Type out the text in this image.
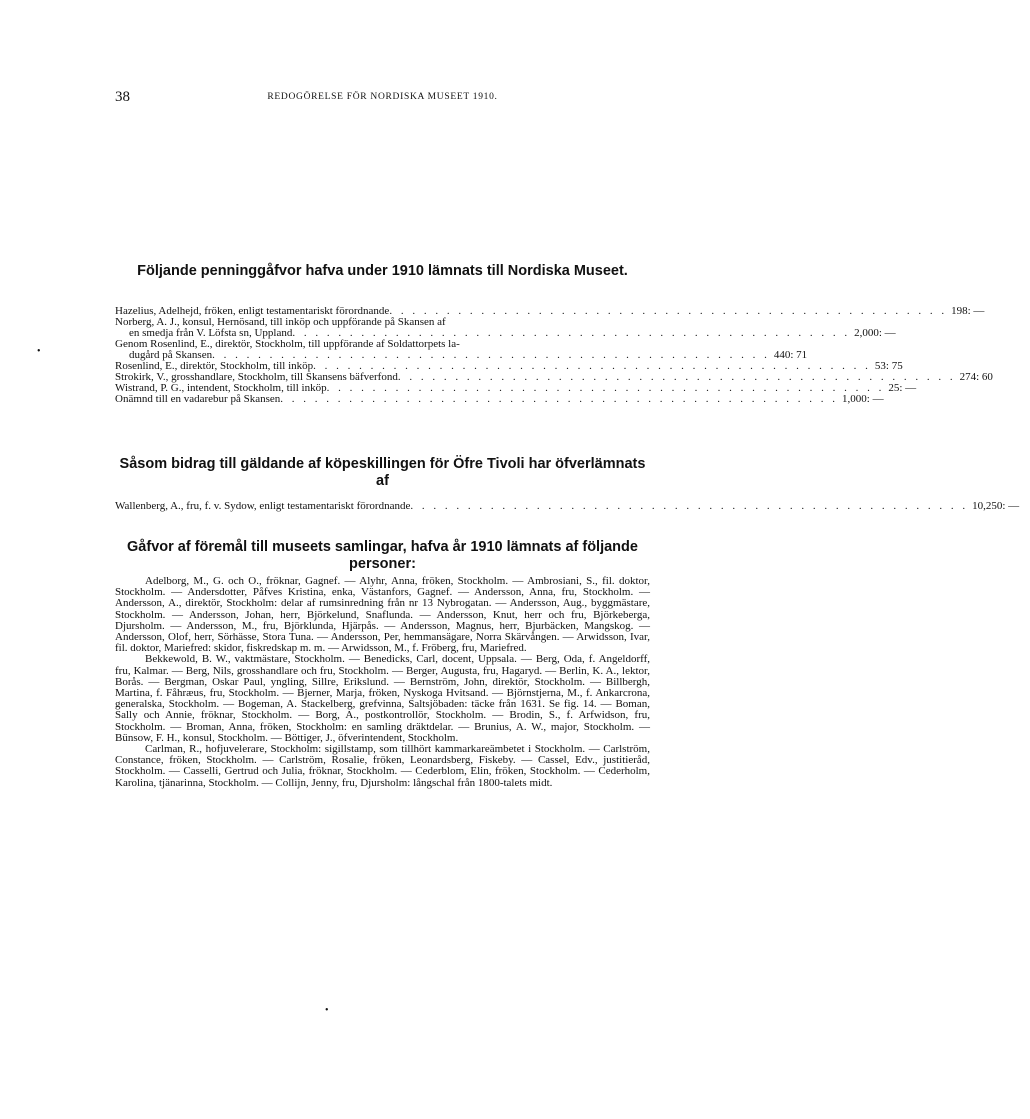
38	REDOGÖRELSE FÖR NORDISKA MUSEET 1910.
Följande penninggåfvor hafva under 1910 lämnats till Nordiska Museet.
Hazelius, Adelhejd, fröken, enligt testamentariskt förordnande . . . . . . . . . . . . . . . . . . . . . . . . . . . . . . . . . . . . . . . . . . . . . . . . . 198: —
Norberg, A. J., konsul, Hernösand, till inköp och uppförande på Skansen af
en smedja från V. Löfsta sn, Uppland . . . . . . . . . . . . . . . . . . . . . . . . . . . . . . . . . . . . . . . . . . . . . . . . . 2,000: —
Genom Rosenlind, E., direktör, Stockholm, till uppförande af Soldattorpets la-
dugård på Skansen . . . . . . . . . . . . . . . . . . . . . . . . . . . . . . . . . . . . . . . . . . . . . . . . . 440: 71
Rosenlind, E., direktör, Stockholm, till inköp . . . . . . . . . . . . . . . . . . . . . . . . . . . . . . . . . . . . . . . . . . . . . . . . . 53: 75
Strokirk, V., grosshandlare, Stockholm, till Skansens bäfverfond . . . . . . . . . . . . . . . . . . . . . . . . . . . . . . . . . . . . . . . . . . . . . . . . . 274: 60
Wistrand, P. G., intendent, Stockholm, till inköp . . . . . . . . . . . . . . . . . . . . . . . . . . . . . . . . . . . . . . . . . . . . . . . . . 25: —
Onämnd till en vadarebur på Skansen . . . . . . . . . . . . . . . . . . . . . . . . . . . . . . . . . . . . . . . . . . . . . . . . . 1,000: —
Såsom bidrag till gäldande af köpeskillingen för Öfre Tivoli har öfverlämnats af
Wallenberg, A., fru, f. v. Sydow, enligt testamentariskt förordnande . . . . . . . . . . . . . . . . . . . . . . . . . . . . . . . . . . . . . . . . . . . . . . . . . 10,250: —
Gåfvor af föremål till museets samlingar, hafva år 1910 lämnats af följande personer:

Adelborg, M., G. och O., fröknar, Gagnef. — Alyhr, Anna, fröken, Stockholm. — Ambrosiani, S., fil. doktor, Stockholm. — Andersdotter, Påfves Kristina, enka, Västanfors, Gagnef. — Andersson, Anna, fru, Stockholm. — Andersson, A., direktör, Stockholm: delar af rumsinredning från nr 13 Nybrogatan. — Andersson, Aug., byggmästare, Stockholm. — Andersson, Johan, herr, Björkelund, Snaflunda. — Andersson, Knut, herr och fru, Björkeberga, Djursholm. — Andersson, M., fru, Björklunda, Hjärpås. — Andersson, Magnus, herr, Bjurbäcken, Mangskog. — Andersson, Olof, herr, Sörhässe, Stora Tuna. — Andersson, Per, hemmansägare, Norra Skärvången. — Arwidsson, Ivar, fil. doktor, Mariefred: skidor, fiskredskap m. m. — Arwidsson, M., f. Fröberg, fru, Mariefred.

Bekkewold, B. W., vaktmästare, Stockholm. — Benedicks, Carl, docent, Uppsala. — Berg, Oda, f. Angeldorff, fru, Kalmar. — Berg, Nils, grosshandlare och fru, Stockholm. — Berger, Augusta, fru, Hagaryd. — Berlin, K. A., lektor, Borås. — Bergman, Oskar Paul, yngling, Sillre, Erikslund. — Bernström, John, direktör, Stockholm. — Billbergh, Martina, f. Fåhræus, fru, Stockholm. — Bjerner, Marja, fröken, Nyskoga Hvitsand. — Björnstjerna, M., f. Ankarcrona, generalska, Stockholm. — Bogeman, A. Stackelberg, grefvinna, Saltsjöbaden: täcke från 1631. Se fig. 14. — Boman, Sally och Annie, fröknar, Stockholm. — Borg, A., postkontrollör, Stockholm. — Brodin, S., f. Arfwidson, fru, Stockholm. — Broman, Anna, fröken, Stockholm: en samling dräktdelar. — Brunius, A. W., major, Stockholm. — Bünsow, F. H., konsul, Stockholm. — Böttiger, J., öfverintendent, Stockholm.

Carlman, R., hofjuvelerare, Stockholm: sigillstamp, som tillhört kammarkareämbetet i Stockholm. — Carlström, Constance, fröken, Stockholm. — Carlström, Rosalie, fröken, Leonardsberg, Fiskeby. — Cassel, Edv., justitieråd, Stockholm. — Casselli, Gertrud och Julia, fröknar, Stockholm. — Cederblom, Elin, fröken, Stockholm. — Cederholm, Karolina, tjänarinna, Stockholm. — Collijn, Jenny, fru, Djursholm: långschal från 1800-talets midt.

•
•
